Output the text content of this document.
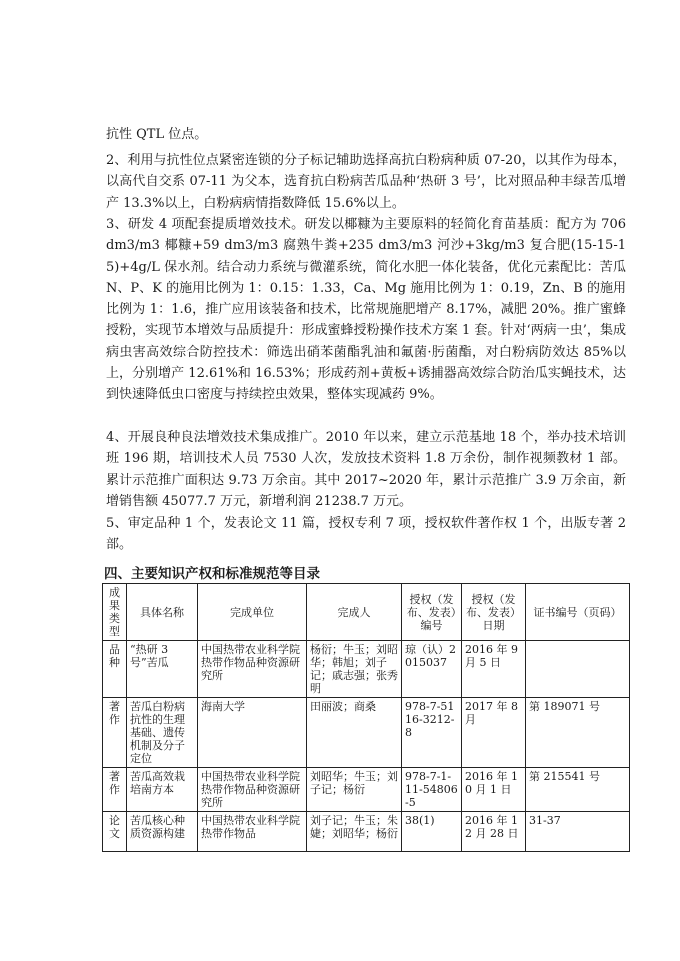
抗性 QTL 位点。

2、利用与抗性位点紧密连锁的分子标记辅助选择高抗白粉病种质 07-20，以其作为母本，以高代自交系 07-11 为父本，选育抗白粉病苦瓜品种‘热研 3 号’，比对照品种丰绿苦瓜增产 13.3%以上，白粉病病情指数降低 15.6%以上。

3、研发 4 项配套提质增效技术。研发以椰糠为主要原料的轻简化育苗基质：配方为 706 dm3/m3 椰糠+59 dm3/m3 腐熟牛粪+235 dm3/m3 河沙+3kg/m3 复合肥(15-15-15)+4g/L 保水剂。结合动力系统与微灌系统，简化水肥一体化装备，优化元素配比：苦瓜 N、P、K 的施用比例为 1：0.15：1.33，Ca、Mg 施用比例为 1：0.19，Zn、B 的施用比例为 1：1.6，推广应用该装备和技术，比常规施肥增产 8.17%，减肥 20%。推广蜜蜂授粉，实现节本增效与品质提升：形成蜜蜂授粉操作技术方案 1 套。针对‘两病一虫’，集成病虫害高效综合防控技术：筛选出硝苯菌酯乳油和氟菌·肟菌酯，对白粉病防效达 85%以上，分别增产 12.61%和 16.53%；形成药剂+黄板+诱捕器高效综合防治瓜实蝇技术，达到快速降低虫口密度与持续控虫效果，整体实现减药 9%。

4、开展良种良法增效技术集成推广。2010 年以来，建立示范基地 18 个，举办技术培训班 196 期，培训技术人员 7530 人次，发放技术资料 1.8 万余份，制作视频教材 1 部。累计示范推广面积达 9.73 万余亩。其中 2017~2020 年，累计示范推广 3.9 万余亩，新增销售额 45077.7 万元，新增利润 21238.7 万元。

5、审定品种 1 个，发表论文 11 篇，授权专利 7 项，授权软件著作权 1 个，出版专著 2 部。

四、主要知识产权和标准规范等目录
成果类型	具体名称	完成单位	完成人	授权（发布、发表）编号	授权（发布、发表）日期	证书编号（页码）
品种	“热研 3 号”苦瓜	中国热带农业科学院热带作物品种资源研究所	杨衍；牛玉；刘昭华；韩旭；刘子记；戚志强；张秀明	琼（认）2015037	2016 年 9 月 5 日	
著作	苦瓜白粉病抗性的生理基础、遗传机制及分子定位	海南大学	田丽波；商桑	978-7-5116-3212-8	2017 年 8 月	第 189071 号
著作	苦瓜高效栽培南方本	中国热带农业科学院热带作物品种资源研究所	刘昭华；牛玉；刘子记；杨衍	978-7-1-11-54806-5	2016 年 10 月 1 日	第 215541 号
论文	苦瓜核心种质资源构建	中国热带农业科学院热带作物品	刘子记；牛玉；朱婕；刘昭华；杨衍	38(1)	2016 年 12 月 28 日	31-37
